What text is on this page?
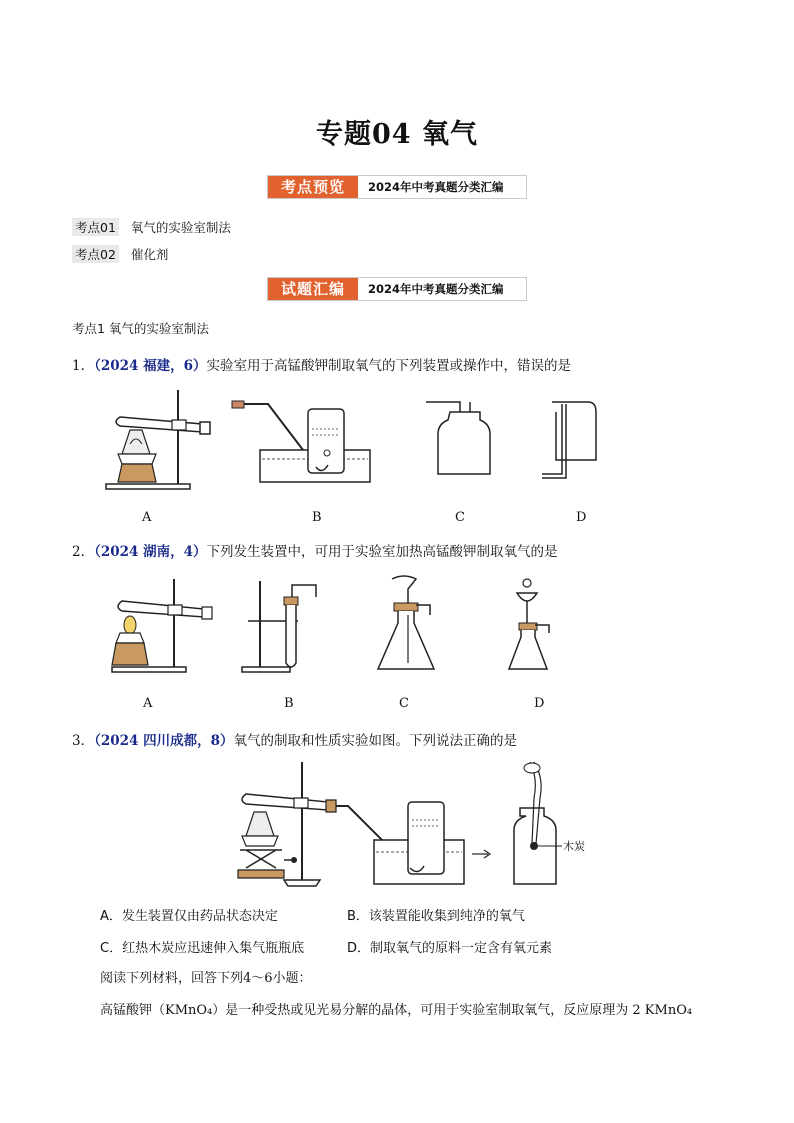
专题04 氧气
考点预览	2024年中考真题分类汇编
考点01 氧气的实验室制法
考点02 催化剂
试题汇编	2024年中考真题分类汇编
考点1 氧气的实验室制法
1．（2024 福建，6）实验室用于高锰酸钾制取氧气的下列装置或操作中，错误的是
A	B	C	D
2．（2024 湖南，4）下列发生装置中，可用于实验室加热高锰酸钾制取氧气的是
A	B	C	D
3．（2024 四川成都，8）氧气的制取和性质实验如图。下列说法正确的是
木炭
A．发生装置仅由药品状态决定	B．该装置能收集到纯净的氧气
C．红热木炭应迅速伸入集气瓶瓶底	D．制取氧气的原料一定含有氧元素
阅读下列材料，回答下列4～6小题：
高锰酸钾（KMnO₄）是一种受热或见光易分解的晶体，可用于实验室制取氧气，反应原理为 2 KMnO₄
